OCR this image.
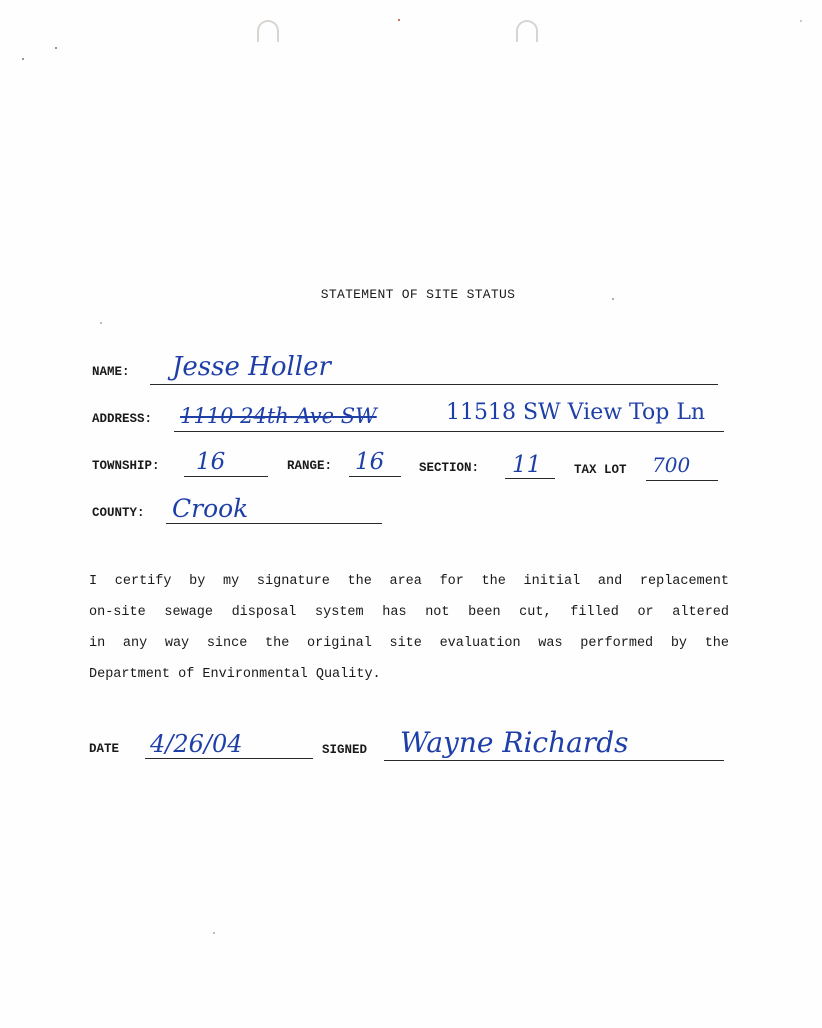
STATEMENT OF SITE STATUS
NAME: Jesse Holler
ADDRESS: 1110 24th Ave SW	11518 SW View Top Ln
TOWNSHIP: 16	RANGE: 16	SECTION: 11	TAX LOT 700
COUNTY: Crook

I certify by my signature the area for the initial and replacement
on-site sewage disposal system has not been cut, filled or altered
in any way since the original site evaluation was performed by the
Department of Environmental Quality.

DATE 4/26/04	SIGNED Wayne Richards
